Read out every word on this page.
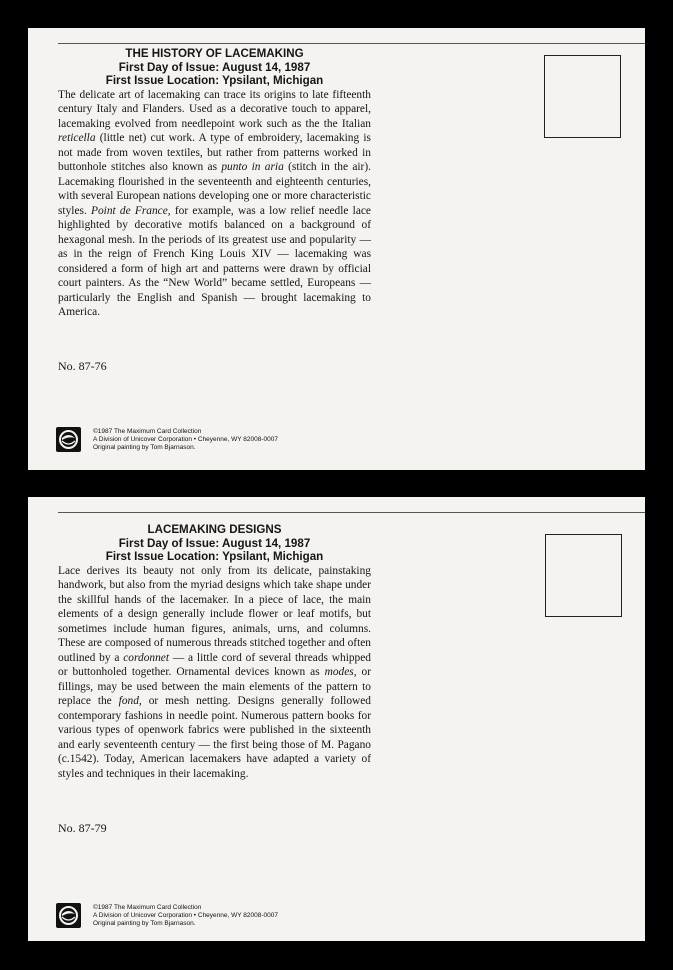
THE HISTORY OF LACEMAKING

First Day of Issue: August 14, 1987

First Issue Location: Ypsilant, Michigan

The delicate art of lacemaking can trace its origins to late fifteenth century Italy and Flanders. Used as a decorative touch to apparel, lacemaking evolved from needlepoint work such as the the Italian reticella (little net) cut work. A type of embroidery, lacemaking is not made from woven textiles, but rather from patterns worked in buttonhole stitches also known as punto in aria (stitch in the air). Lacemaking flourished in the seventeenth and eighteenth centuries, with several European nations developing one or more characteristic styles. Point de France, for example, was a low relief needle lace highlighted by decorative motifs balanced on a background of hexagonal mesh. In the periods of its greatest use and popularity — as in the reign of French King Louis XIV — lacemaking was considered a form of high art and patterns were drawn by official court painters. As the “New World” became settled, Europeans — particularly the English and Spanish — brought lacemaking to America.

No. 87-76

©1987 The Maximum Card Collection
A Division of Unicover Corporation • Cheyenne, WY 82008-0007
Original painting by Tom Bjarnason.

LACEMAKING DESIGNS

First Day of Issue: August 14, 1987

First Issue Location: Ypsilant, Michigan

Lace derives its beauty not only from its delicate, painstaking handwork, but also from the myriad designs which take shape under the skillful hands of the lacemaker. In a piece of lace, the main elements of a design generally include flower or leaf motifs, but sometimes include human figures, animals, urns, and columns. These are composed of numerous threads stitched together and often outlined by a cordonnet — a little cord of several threads whipped or buttonholed together. Ornamental devices known as modes, or fillings, may be used between the main elements of the pattern to replace the fond, or mesh netting. Designs generally followed contemporary fashions in needle point. Numerous pattern books for various types of openwork fabrics were published in the sixteenth and early seventeenth century — the first being those of M. Pagano (c.1542). Today, American lacemakers have adapted a variety of styles and techniques in their lacemaking.

No. 87-79

©1987 The Maximum Card Collection
A Division of Unicover Corporation • Cheyenne, WY 82008-0007
Original painting by Tom Bjarnason.
